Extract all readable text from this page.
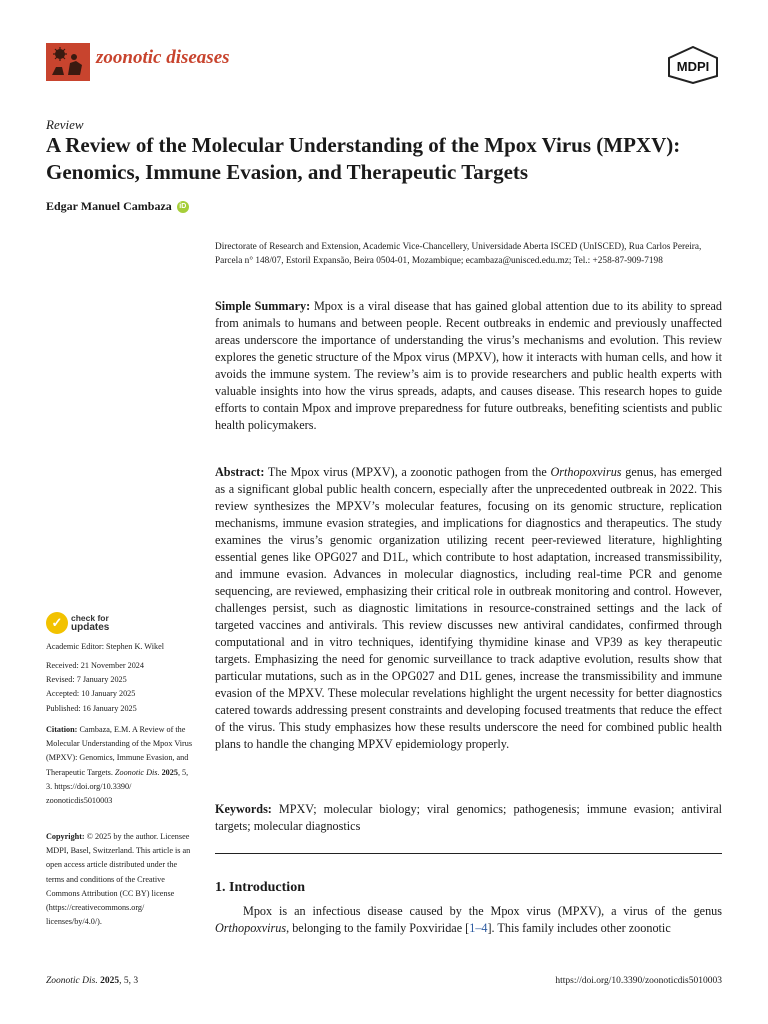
zoonotic diseases	MDPI
Review
A Review of the Molecular Understanding of the Mpox Virus (MPXV): Genomics, Immune Evasion, and Therapeutic Targets
Edgar Manuel Cambaza	iD
Directorate of Research and Extension, Academic Vice-Chancellery, Universidade Aberta ISCED (UnISCED), Rua Carlos Pereira, Parcela n° 148/07, Estoril Expansão, Beira 0504-01, Mozambique; ecambaza@unisced.edu.mz; Tel.: +258-87-909-7198

Simple Summary: Mpox is a viral disease that has gained global attention due to its ability to spread from animals to humans and between people. Recent outbreaks in endemic and previously unaffected areas underscore the importance of understanding the virus’s mechanisms and evolution. This review explores the genetic structure of the Mpox virus (MPXV), how it interacts with human cells, and how it avoids the immune system. The review’s aim is to provide researchers and public health experts with valuable insights into how the virus spreads, adapts, and causes disease. This research hopes to guide efforts to contain Mpox and improve preparedness for future outbreaks, benefiting scientists and public health policymakers.

Abstract: The Mpox virus (MPXV), a zoonotic pathogen from the Orthopoxvirus genus, has emerged as a significant global public health concern, especially after the unprecedented outbreak in 2022. This review synthesizes the MPXV’s molecular features, focusing on its genomic structure, replication mechanisms, immune evasion strategies, and implications for diagnostics and therapeutics. The study examines the virus’s genomic organization utilizing recent peer-reviewed literature, highlighting essential genes like OPG027 and D1L, which contribute to host adaptation, increased transmissibility, and immune evasion. Advances in molecular diagnostics, including real-time PCR and genome sequencing, are reviewed, emphasizing their critical role in outbreak monitoring and control. However, challenges persist, such as diagnostic limitations in resource-constrained settings and the lack of targeted vaccines and antivirals. This review discusses new antiviral candidates, confirmed through computational and in vitro techniques, identifying thymidine kinase and VP39 as key therapeutic targets. Emphasizing the need for genomic surveillance to track adaptive evolution, results show that particular mutations, such as in the OPG027 and D1L genes, increase the transmissibility and immune evasion of the MPXV. These molecular revelations highlight the urgent necessity for better diagnostics catered towards addressing present constraints and developing focused treatments that reduce the effect of the virus. This study emphasizes how these results underscore the need for combined public health plans to handle the changing MPXV epidemiology properly.

Keywords: MPXV; molecular biology; viral genomics; pathogenesis; immune evasion; antiviral targets; molecular diagnostics

1. Introduction

Mpox is an infectious disease caused by the Mpox virus (MPXV), a virus of the genus Orthopoxvirus, belonging to the family Poxviridae [1–4]. This family includes other zoonotic

✓	check for
updates
Academic Editor: Stephen K. Wikel
Received: 21 November 2024
Revised: 7 January 2025
Accepted: 10 January 2025
Published: 16 January 2025

Citation: Cambaza, E.M. A Review of the Molecular Understanding of the Mpox Virus (MPXV): Genomics, Immune Evasion, and Therapeutic Targets. Zoonotic Dis. 2025, 5, 3. https://doi.org/10.3390/ zoonoticdis5010003

Copyright: © 2025 by the author. Licensee MDPI, Basel, Switzerland. This article is an open access article distributed under the terms and conditions of the Creative Commons Attribution (CC BY) license (https://creativecommons.org/ licenses/by/4.0/).

Zoonotic Dis. 2025, 5, 3	https://doi.org/10.3390/zoonoticdis5010003
